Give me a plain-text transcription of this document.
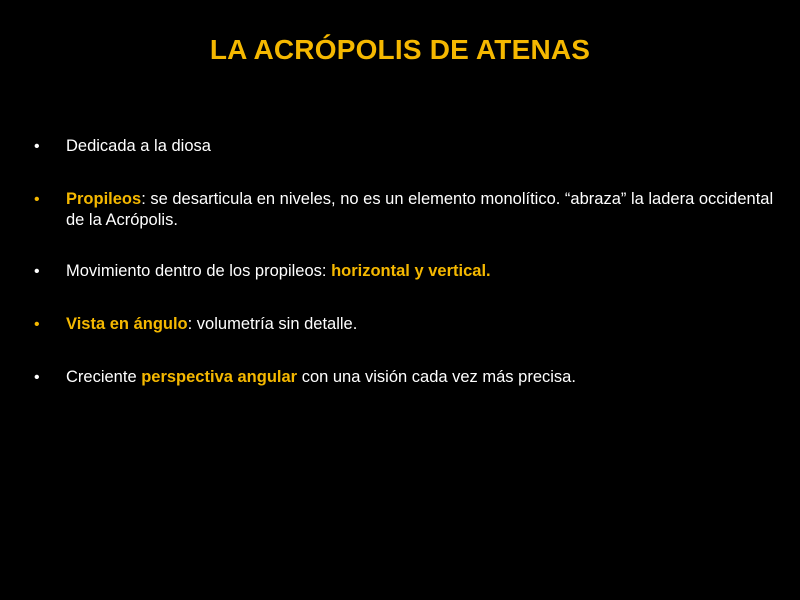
LA ACRÓPOLIS DE ATENAS
• Dedicada a la diosa
• Propileos: se desarticula en niveles, no es un elemento monolítico. “abraza” la ladera occidental de la Acrópolis.
• Movimiento dentro de los propileos: horizontal y vertical.
• Vista en ángulo: volumetría sin detalle.
• Creciente perspectiva angular con una visión cada vez más precisa.
